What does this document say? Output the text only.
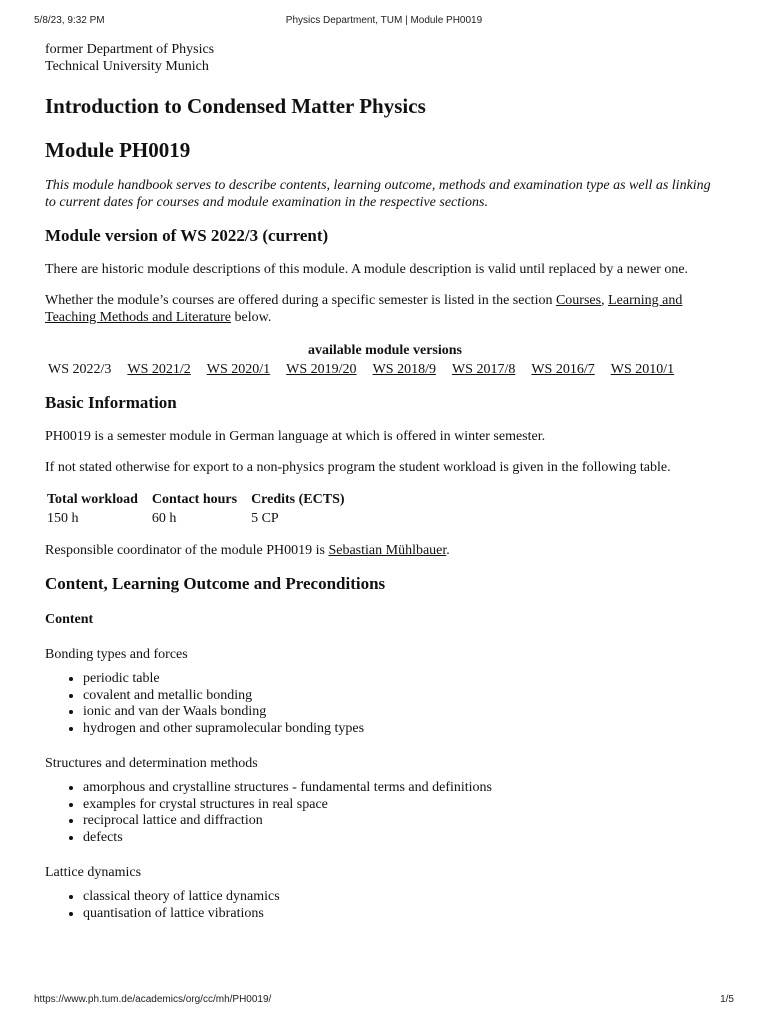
5/8/23, 9:32 PM	Physics Department, TUM | Module PH0019

former Department of Physics

Technical University Munich

Introduction to Condensed Matter Physics
Module PH0019

This module handbook serves to describe contents, learning outcome, methods and examination type as well as linking to current dates for courses and module examination in the respective sections.

Module version of WS 2022/3 (current)

There are historic module descriptions of this module. A module description is valid until replaced by a newer one.

Whether the module’s courses are offered during a specific semester is listed in the section Courses, Learning and Teaching Methods and Literature below.

available module versions
WS 2022/3 WS 2021/2 WS 2020/1 WS 2019/20 WS 2018/9 WS 2017/8 WS 2016/7 WS 2010/1
Basic Information

PH0019 is a semester module in German language at which is offered in winter semester.

If not stated otherwise for export to a non-physics program the student workload is given in the following table.

Total workload	Contact hours	Credits (ECTS)
150 h	60 h	5 CP

Responsible coordinator of the module PH0019 is Sebastian Mühlbauer.

Content, Learning Outcome and Preconditions
Content

Bonding types and forces

• periodic table
• covalent and metallic bonding
• ionic and van der Waals bonding
• hydrogen and other supramolecular bonding types

Structures and determination methods

• amorphous and crystalline structures - fundamental terms and definitions
• examples for crystal structures in real space
• reciprocal lattice and diffraction
• defects

Lattice dynamics

• classical theory of lattice dynamics
• quantisation of lattice vibrations
https://www.ph.tum.de/academics/org/cc/mh/PH0019/	1/5
